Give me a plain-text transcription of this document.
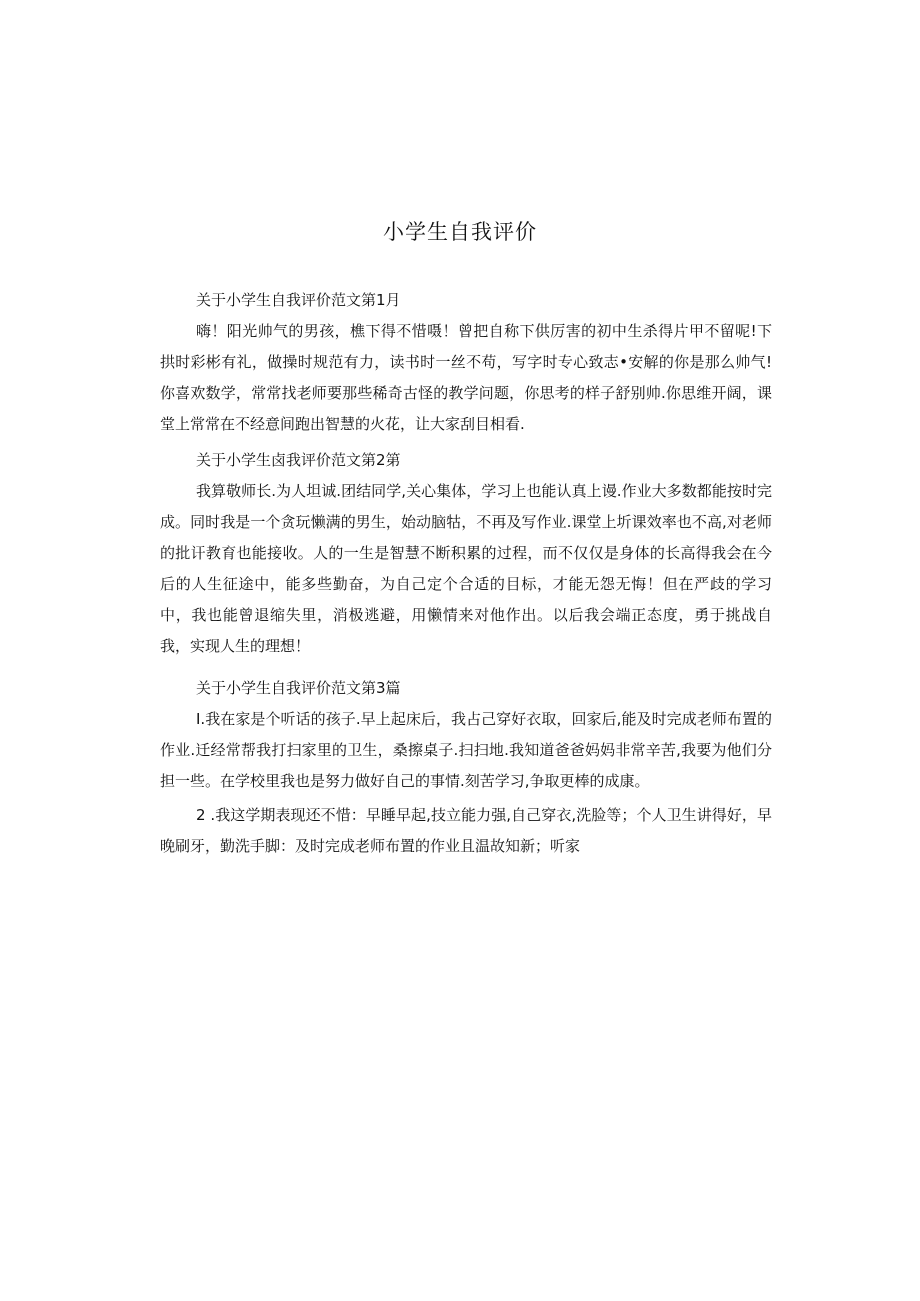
小学生自我评价
关于小学生自我评价范文第1月
嗨！阳光帅气的男孩，樵下得不惜嗫！曾把自称下供厉害的初中生杀得片甲不留呢!下拱时彩彬有礼，做操时规范有力，读书时一丝不苟，写字时专心致志•安解的你是那么帅气!你喜欢数学，常常找老师要那些稀奇古怪的教学问题，你思考的样子舒别帅.你思维开阔，课堂上常常在不经意间跑出智慧的火花，让大家刮目相看.
关于小学生卤我评价范文第2第
我算敬师长.为人坦诚.团结同学,关心集体，学习上也能认真上谩.作业大多数都能按时完成。同时我是一个贪玩懒满的男生，始动脑牯，不再及写作业.课堂上圻课效率也不高,对老师的批讦教育也能接收。人的一生是智慧不断积累的过程，而不仅仅是身体的长高得我会在今后的人生征途中，能多些勤奋，为自己定个合适的目标，才能无怨无悔！但在严歧的学习中，我也能曾退缩失里，消极逃避，用懒情来对他作出。以后我会端正态度，勇于挑战自我，实现人生的理想！
关于小学生自我评价范文第3篇
I.我在家是个听话的孩子.早上起床后，我占己穿好衣取，回家后,能及时完成老师布置的作业.迁经常帮我打扫家里的卫生，桑擦桌子.扫扫地.我知道爸爸妈妈非常辛苦,我要为他们分担一些。在学校里我也是努力做好自己的事情.刻苦学习,争取更棒的成康。
2 .我这学期表现还不惜：早睡早起,技立能力强,自己穿衣,洗脸等；个人卫生讲得好，早晚刷牙，勤洗手脚：及时完成老师布置的作业且温故知新；听家
